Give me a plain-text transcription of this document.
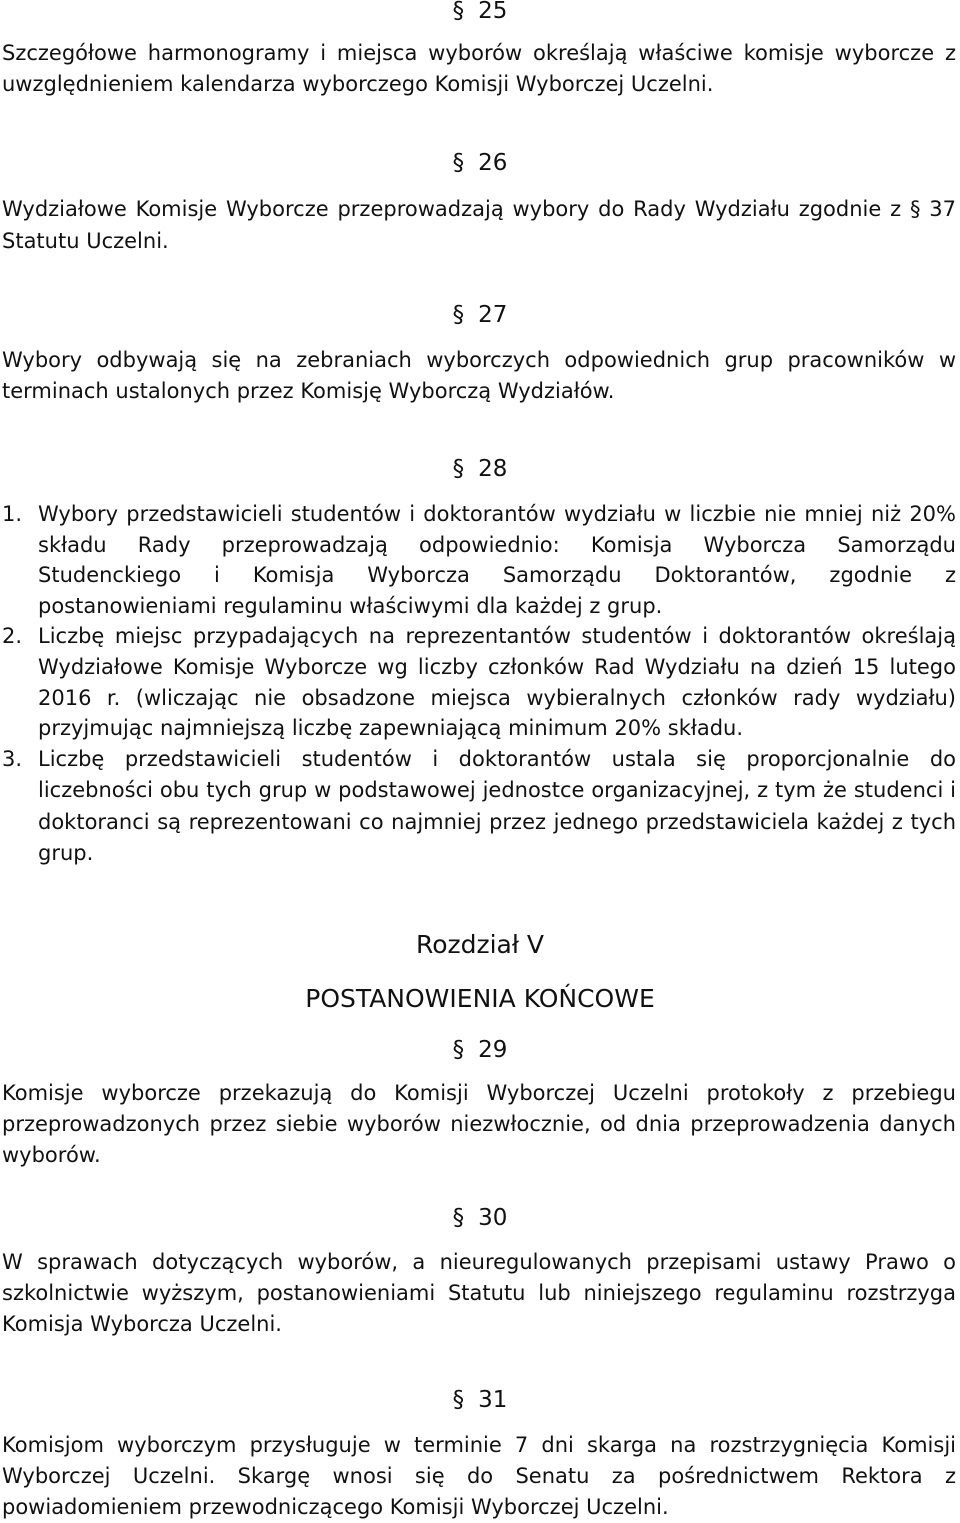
§ 25

Szczegółowe harmonogramy i miejsca wyborów określają właściwe komisje wyborcze z uwzględnieniem kalendarza wyborczego Komisji Wyborczej Uczelni.

§ 26

Wydziałowe Komisje Wyborcze przeprowadzają wybory do Rady Wydziału zgodnie z § 37 Statutu Uczelni.

§ 27

Wybory odbywają się na zebraniach wyborczych odpowiednich grup pracowników w terminach ustalonych przez Komisję Wyborczą Wydziałów.

§ 28
1. Wybory przedstawicieli studentów i doktorantów wydziału w liczbie nie mniej niż 20% składu Rady przeprowadzają odpowiednio: Komisja Wyborcza Samorządu Studenckiego i Komisja Wyborcza Samorządu Doktorantów, zgodnie z postanowieniami regulaminu właściwymi dla każdej z grup.
2. Liczbę miejsc przypadających na reprezentantów studentów i doktorantów określają Wydziałowe Komisje Wyborcze wg liczby członków Rad Wydziału na dzień 15 lutego 2016 r. (wliczając nie obsadzone miejsca wybieralnych członków rady wydziału) przyjmując najmniejszą liczbę zapewniającą minimum 20% składu.
3. Liczbę przedstawicieli studentów i doktorantów ustala się proporcjonalnie do liczebności obu tych grup w podstawowej jednostce organizacyjnej, z tym że studenci i doktoranci są reprezentowani co najmniej przez jednego przedstawiciela każdej z tych grup.
Rozdział V
POSTANOWIENIA KOŃCOWE
§ 29

Komisje wyborcze przekazują do Komisji Wyborczej Uczelni protokoły z przebiegu przeprowadzonych przez siebie wyborów niezwłocznie, od dnia przeprowadzenia danych wyborów.

§ 30

W sprawach dotyczących wyborów, a nieuregulowanych przepisami ustawy Prawo o szkolnictwie wyższym, postanowieniami Statutu lub niniejszego regulaminu rozstrzyga Komisja Wyborcza Uczelni.

§ 31

Komisjom wyborczym przysługuje w terminie 7 dni skarga na rozstrzygnięcia Komisji Wyborczej Uczelni. Skargę wnosi się do Senatu za pośrednictwem Rektora z powiadomieniem przewodniczącego Komisji Wyborczej Uczelni.
